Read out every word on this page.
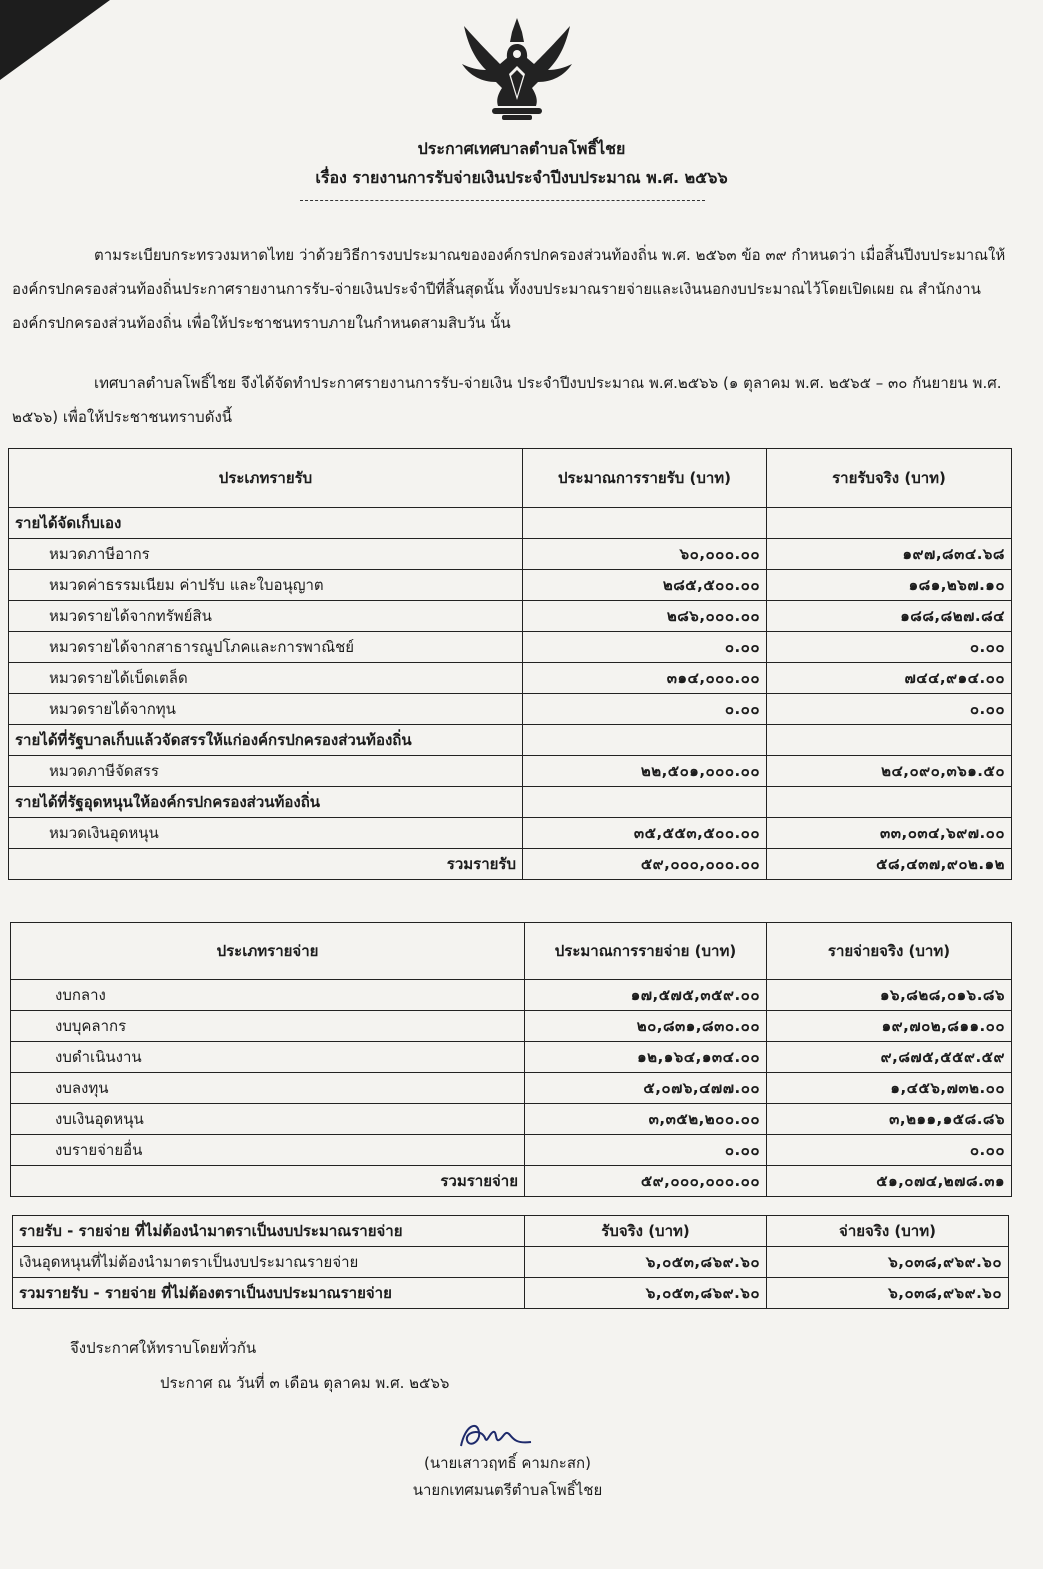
ประกาศเทศบาลตำบลโพธิ์ไชย
เรื่อง รายงานการรับจ่ายเงินประจำปีงบประมาณ พ.ศ. ๒๕๖๖
ตามระเบียบกระทรวงมหาดไทย ว่าด้วยวิธีการงบประมาณขององค์กรปกครองส่วนท้องถิ่น พ.ศ. ๒๕๖๓ ข้อ ๓๙ กำหนดว่า เมื่อสิ้นปีงบประมาณให้องค์กรปกครองส่วนท้องถิ่นประกาศรายงานการรับ-จ่ายเงินประจำปีที่สิ้นสุดนั้น ทั้งงบประมาณรายจ่ายและเงินนอกงบประมาณไว้โดยเปิดเผย ณ สำนักงานองค์กรปกครองส่วนท้องถิ่น เพื่อให้ประชาชนทราบภายในกำหนดสามสิบวัน นั้น
เทศบาลตำบลโพธิ์ไชย จึงได้จัดทำประกาศรายงานการรับ-จ่ายเงิน ประจำปีงบประมาณ พ.ศ.๒๕๖๖ (๑ ตุลาคม พ.ศ. ๒๕๖๕ – ๓๐ กันยายน พ.ศ. ๒๕๖๖) เพื่อให้ประชาชนทราบดังนี้
ประเภทรายรับ	ประมาณการรายรับ (บาท)	รายรับจริง (บาท)
รายได้จัดเก็บเอง		
หมวดภาษีอากร	๖๐,๐๐๐.๐๐	๑๙๗,๘๓๔.๖๘
หมวดค่าธรรมเนียม ค่าปรับ และใบอนุญาต	๒๘๕,๕๐๐.๐๐	๑๘๑,๒๖๗.๑๐
หมวดรายได้จากทรัพย์สิน	๒๘๖,๐๐๐.๐๐	๑๘๘,๘๒๗.๘๔
หมวดรายได้จากสาธารณูปโภคและการพาณิชย์	๐.๐๐	๐.๐๐
หมวดรายได้เบ็ดเตล็ด	๓๑๔,๐๐๐.๐๐	๗๔๔,๙๑๔.๐๐
หมวดรายได้จากทุน	๐.๐๐	๐.๐๐
รายได้ที่รัฐบาลเก็บแล้วจัดสรรให้แก่องค์กรปกครองส่วนท้องถิ่น		
หมวดภาษีจัดสรร	๒๒,๕๐๑,๐๐๐.๐๐	๒๔,๐๙๐,๓๖๑.๕๐
รายได้ที่รัฐอุดหนุนให้องค์กรปกครองส่วนท้องถิ่น		
หมวดเงินอุดหนุน	๓๕,๕๕๓,๕๐๐.๐๐	๓๓,๐๓๔,๖๙๗.๐๐
รวมรายรับ	๕๙,๐๐๐,๐๐๐.๐๐	๕๘,๔๓๗,๙๐๒.๑๒
ประเภทรายจ่าย	ประมาณการรายจ่าย (บาท)	รายจ่ายจริง (บาท)
งบกลาง	๑๗,๕๗๕,๓๕๙.๐๐	๑๖,๘๒๘,๐๑๖.๘๖
งบบุคลากร	๒๐,๘๓๑,๘๓๐.๐๐	๑๙,๗๐๒,๘๑๑.๐๐
งบดำเนินงาน	๑๒,๑๖๔,๑๓๔.๐๐	๙,๘๗๕,๕๕๙.๕๙
งบลงทุน	๕,๐๗๖,๔๗๗.๐๐	๑,๔๕๖,๗๓๒.๐๐
งบเงินอุดหนุน	๓,๓๕๒,๒๐๐.๐๐	๓,๒๑๑,๑๕๘.๘๖
งบรายจ่ายอื่น	๐.๐๐	๐.๐๐
รวมรายจ่าย	๕๙,๐๐๐,๐๐๐.๐๐	๕๑,๐๗๔,๒๗๘.๓๑
รายรับ - รายจ่าย ที่ไม่ต้องนำมาตราเป็นงบประมาณรายจ่าย	รับจริง (บาท)	จ่ายจริง (บาท)
เงินอุดหนุนที่ไม่ต้องนำมาตราเป็นงบประมาณรายจ่าย	๖,๐๕๓,๘๖๙.๖๐	๖,๐๓๘,๙๖๙.๖๐
รวมรายรับ - รายจ่าย ที่ไม่ต้องตราเป็นงบประมาณรายจ่าย	๖,๐๕๓,๘๖๙.๖๐	๖,๐๓๘,๙๖๙.๖๐
จึงประกาศให้ทราบโดยทั่วกัน
ประกาศ ณ วันที่ ๓ เดือน ตุลาคม พ.ศ. ๒๕๖๖
(นายเสาวฤทธิ์ คามกะสก)
นายกเทศมนตรีตำบลโพธิ์ไชย
